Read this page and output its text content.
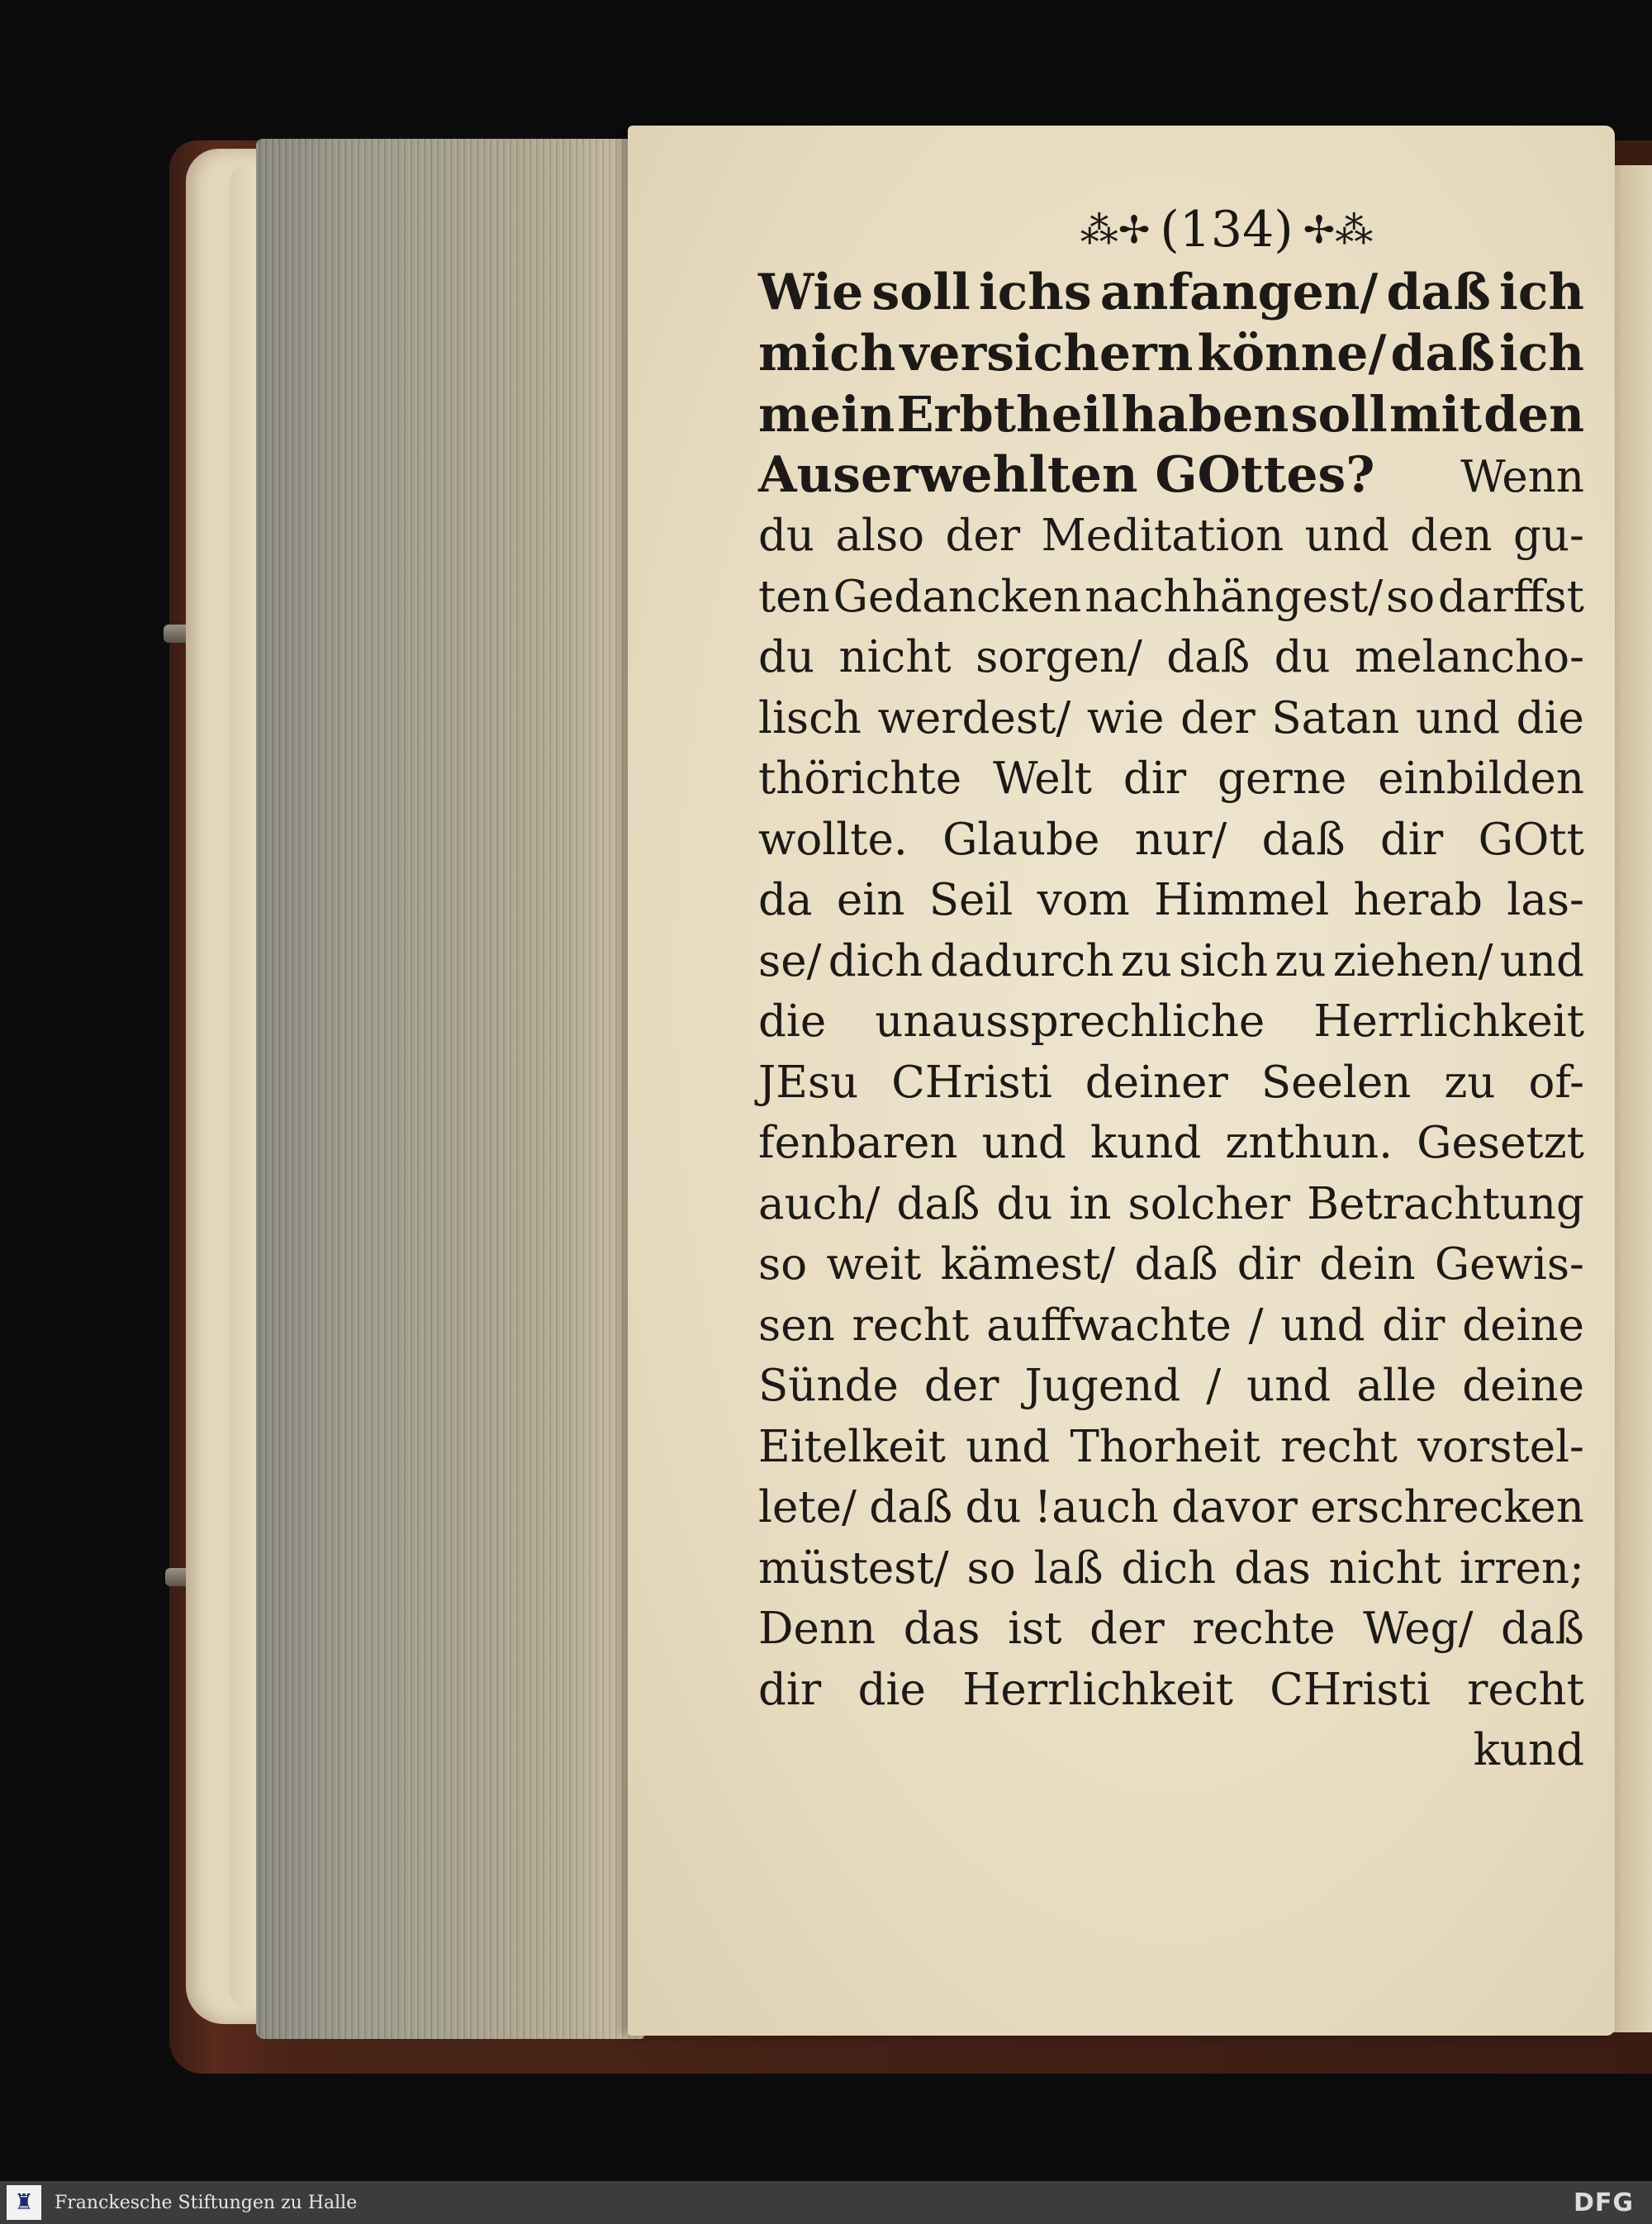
⁂✢ (134) ✢⁂
Wie soll ichs anfangen/ daß ich
mich versichern könne/ daß ich
mein Erbtheil haben soll mit den
Auserwehlten GOttes? Wenn
du also der Meditation und den gu-
ten Gedancken nachhängest/ so darffst
du nicht sorgen/ daß du melancho-
lisch werdest/ wie der Satan und die
thörichte Welt dir gerne einbilden
wollte. Glaube nur/ daß dir GOtt
da ein Seil vom Himmel herab las-
se/ dich dadurch zu sich zu ziehen/ und
die unaussprechliche Herrlichkeit
JEsu CHristi deiner Seelen zu of-
fenbaren und kund znthun. Gesetzt
auch/ daß du in solcher Betrachtung
so weit kämest/ daß dir dein Gewis-
sen recht auffwachte / und dir deine
Sünde der Jugend / und alle deine
Eitelkeit und Thorheit recht vorstel-
lete/ daß du !auch davor erschrecken
müstest/ so laß dich das nicht irren;
Denn das ist der rechte Weg/ daß
dir die Herrlichkeit CHristi recht
kund
♜ Franckesche Stiftungen zu Halle	DFG
